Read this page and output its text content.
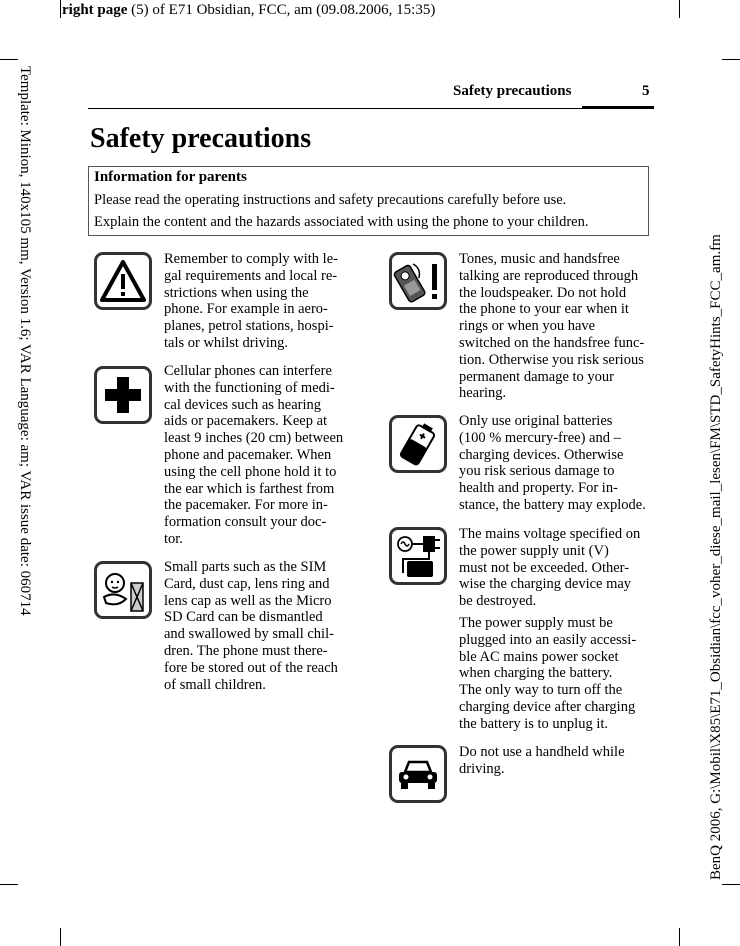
right page (5) of E71 Obsidian, FCC, am (09.08.2006, 15:35)
Template: Minion, 140x105 mm, Version 1.6; VAR Language: am; VAR issue date: 060714	BenQ 2006, G:\Mobil\X85\E71_Obsidian\fcc_voher_diese_mail_lesen\FM\STD_SafetyHints_FCC_am.fm
Safety precautions	5
Safety precautions
Information for parents
Please read the operating instructions and safety precautions carefully before use.
Explain the content and the hazards associated with using the phone to your children.
Remember to comply with le-
gal requirements and local re-
strictions when using the
phone. For example in aero-
planes, petrol stations, hospi-
tals or whilst driving.
Cellular phones can interfere
with the functioning of medi-
cal devices such as hearing
aids or pacemakers. Keep at
least 9 inches (20 cm) between
phone and pacemaker. When
using the cell phone hold it to
the ear which is farthest from
the pacemaker. For more in-
formation consult your doc-
tor.
Small parts such as the SIM
Card, dust cap, lens ring and
lens cap as well as the Micro
SD Card can be dismantled
and swallowed by small chil-
dren. The phone must there-
fore be stored out of the reach
of small children.
Tones, music and handsfree
talking are reproduced through
the loudspeaker. Do not hold
the phone to your ear when it
rings or when you have
switched on the handsfree func-
tion. Otherwise you risk serious
permanent damage to your
hearing.
Only use original batteries
(100 % mercury-free) and –
charging devices. Otherwise
you risk serious damage to
health and property. For in-
stance, the battery may explode.
The mains voltage specified on
the power supply unit (V)
must not be exceeded. Other-
wise the charging device may
be destroyed.
The power supply must be
plugged into an easily accessi-
ble AC mains power socket
when charging the battery.
The only way to turn off the
charging device after charging
the battery is to unplug it.
Do not use a handheld while
driving.
